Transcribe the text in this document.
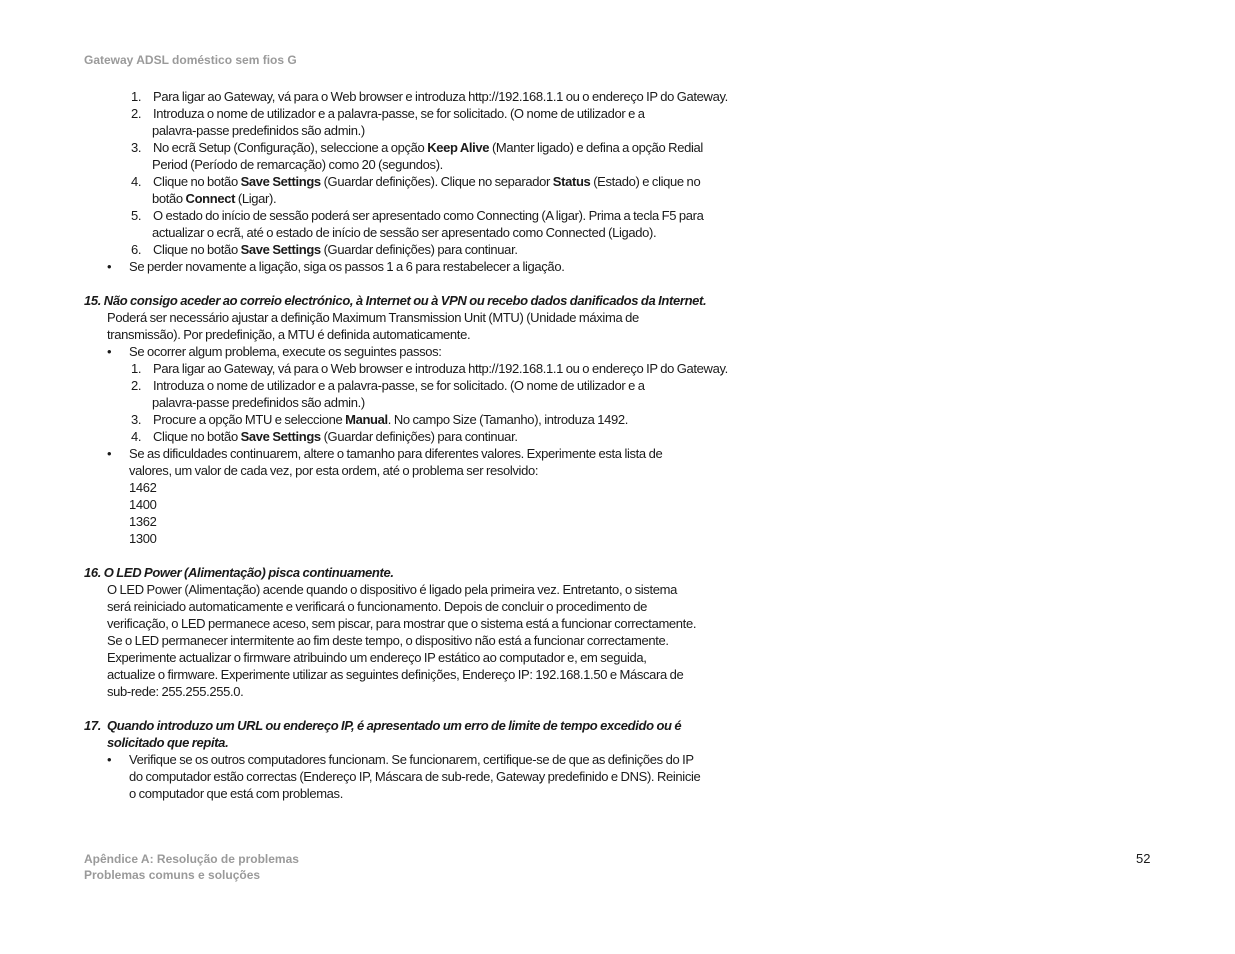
Gateway ADSL doméstico sem fios G
1. Para ligar ao Gateway, vá para o Web browser e introduza http://192.168.1.1 ou o endereço IP do Gateway.
2. Introduza o nome de utilizador e a palavra-passe, se for solicitado. (O nome de utilizador e a
palavra-passe predefinidos são admin.)
3. No ecrã Setup (Configuração), seleccione a opção Keep Alive (Manter ligado) e defina a opção Redial
Period (Período de remarcação) como 20 (segundos).
4. Clique no botão Save Settings (Guardar definições). Clique no separador Status (Estado) e clique no
botão Connect (Ligar).
5. O estado do início de sessão poderá ser apresentado como Connecting (A ligar). Prima a tecla F5 para
actualizar o ecrã, até o estado de início de sessão ser apresentado como Connected (Ligado).
6. Clique no botão Save Settings (Guardar definições) para continuar.
• Se perder novamente a ligação, siga os passos 1 a 6 para restabelecer a ligação.
15. Não consigo aceder ao correio electrónico, à Internet ou à VPN ou recebo dados danificados da Internet.
Poderá ser necessário ajustar a definição Maximum Transmission Unit (MTU) (Unidade máxima de
transmissão). Por predefinição, a MTU é definida automaticamente.
• Se ocorrer algum problema, execute os seguintes passos:
1. Para ligar ao Gateway, vá para o Web browser e introduza http://192.168.1.1 ou o endereço IP do Gateway.
2. Introduza o nome de utilizador e a palavra-passe, se for solicitado. (O nome de utilizador e a
palavra-passe predefinidos são admin.)
3. Procure a opção MTU e seleccione Manual. No campo Size (Tamanho), introduza 1492.
4. Clique no botão Save Settings (Guardar definições) para continuar.
• Se as dificuldades continuarem, altere o tamanho para diferentes valores. Experimente esta lista de
valores, um valor de cada vez, por esta ordem, até o problema ser resolvido:
1462
1400
1362
1300
16. O LED Power (Alimentação) pisca continuamente.
O LED Power (Alimentação) acende quando o dispositivo é ligado pela primeira vez. Entretanto, o sistema
será reiniciado automaticamente e verificará o funcionamento. Depois de concluir o procedimento de
verificação, o LED permanece aceso, sem piscar, para mostrar que o sistema está a funcionar correctamente.
Se o LED permanecer intermitente ao fim deste tempo, o dispositivo não está a funcionar correctamente.
Experimente actualizar o firmware atribuindo um endereço IP estático ao computador e, em seguida,
actualize o firmware. Experimente utilizar as seguintes definições, Endereço IP: 192.168.1.50 e Máscara de
sub-rede: 255.255.255.0.
17. Quando introduzo um URL ou endereço IP, é apresentado um erro de limite de tempo excedido ou é
solicitado que repita.
• Verifique se os outros computadores funcionam. Se funcionarem, certifique-se de que as definições do IP
do computador estão correctas (Endereço IP, Máscara de sub-rede, Gateway predefinido e DNS). Reinicie
o computador que está com problemas.
Apêndice A: Resolução de problemas
Problemas comuns e soluções
52
